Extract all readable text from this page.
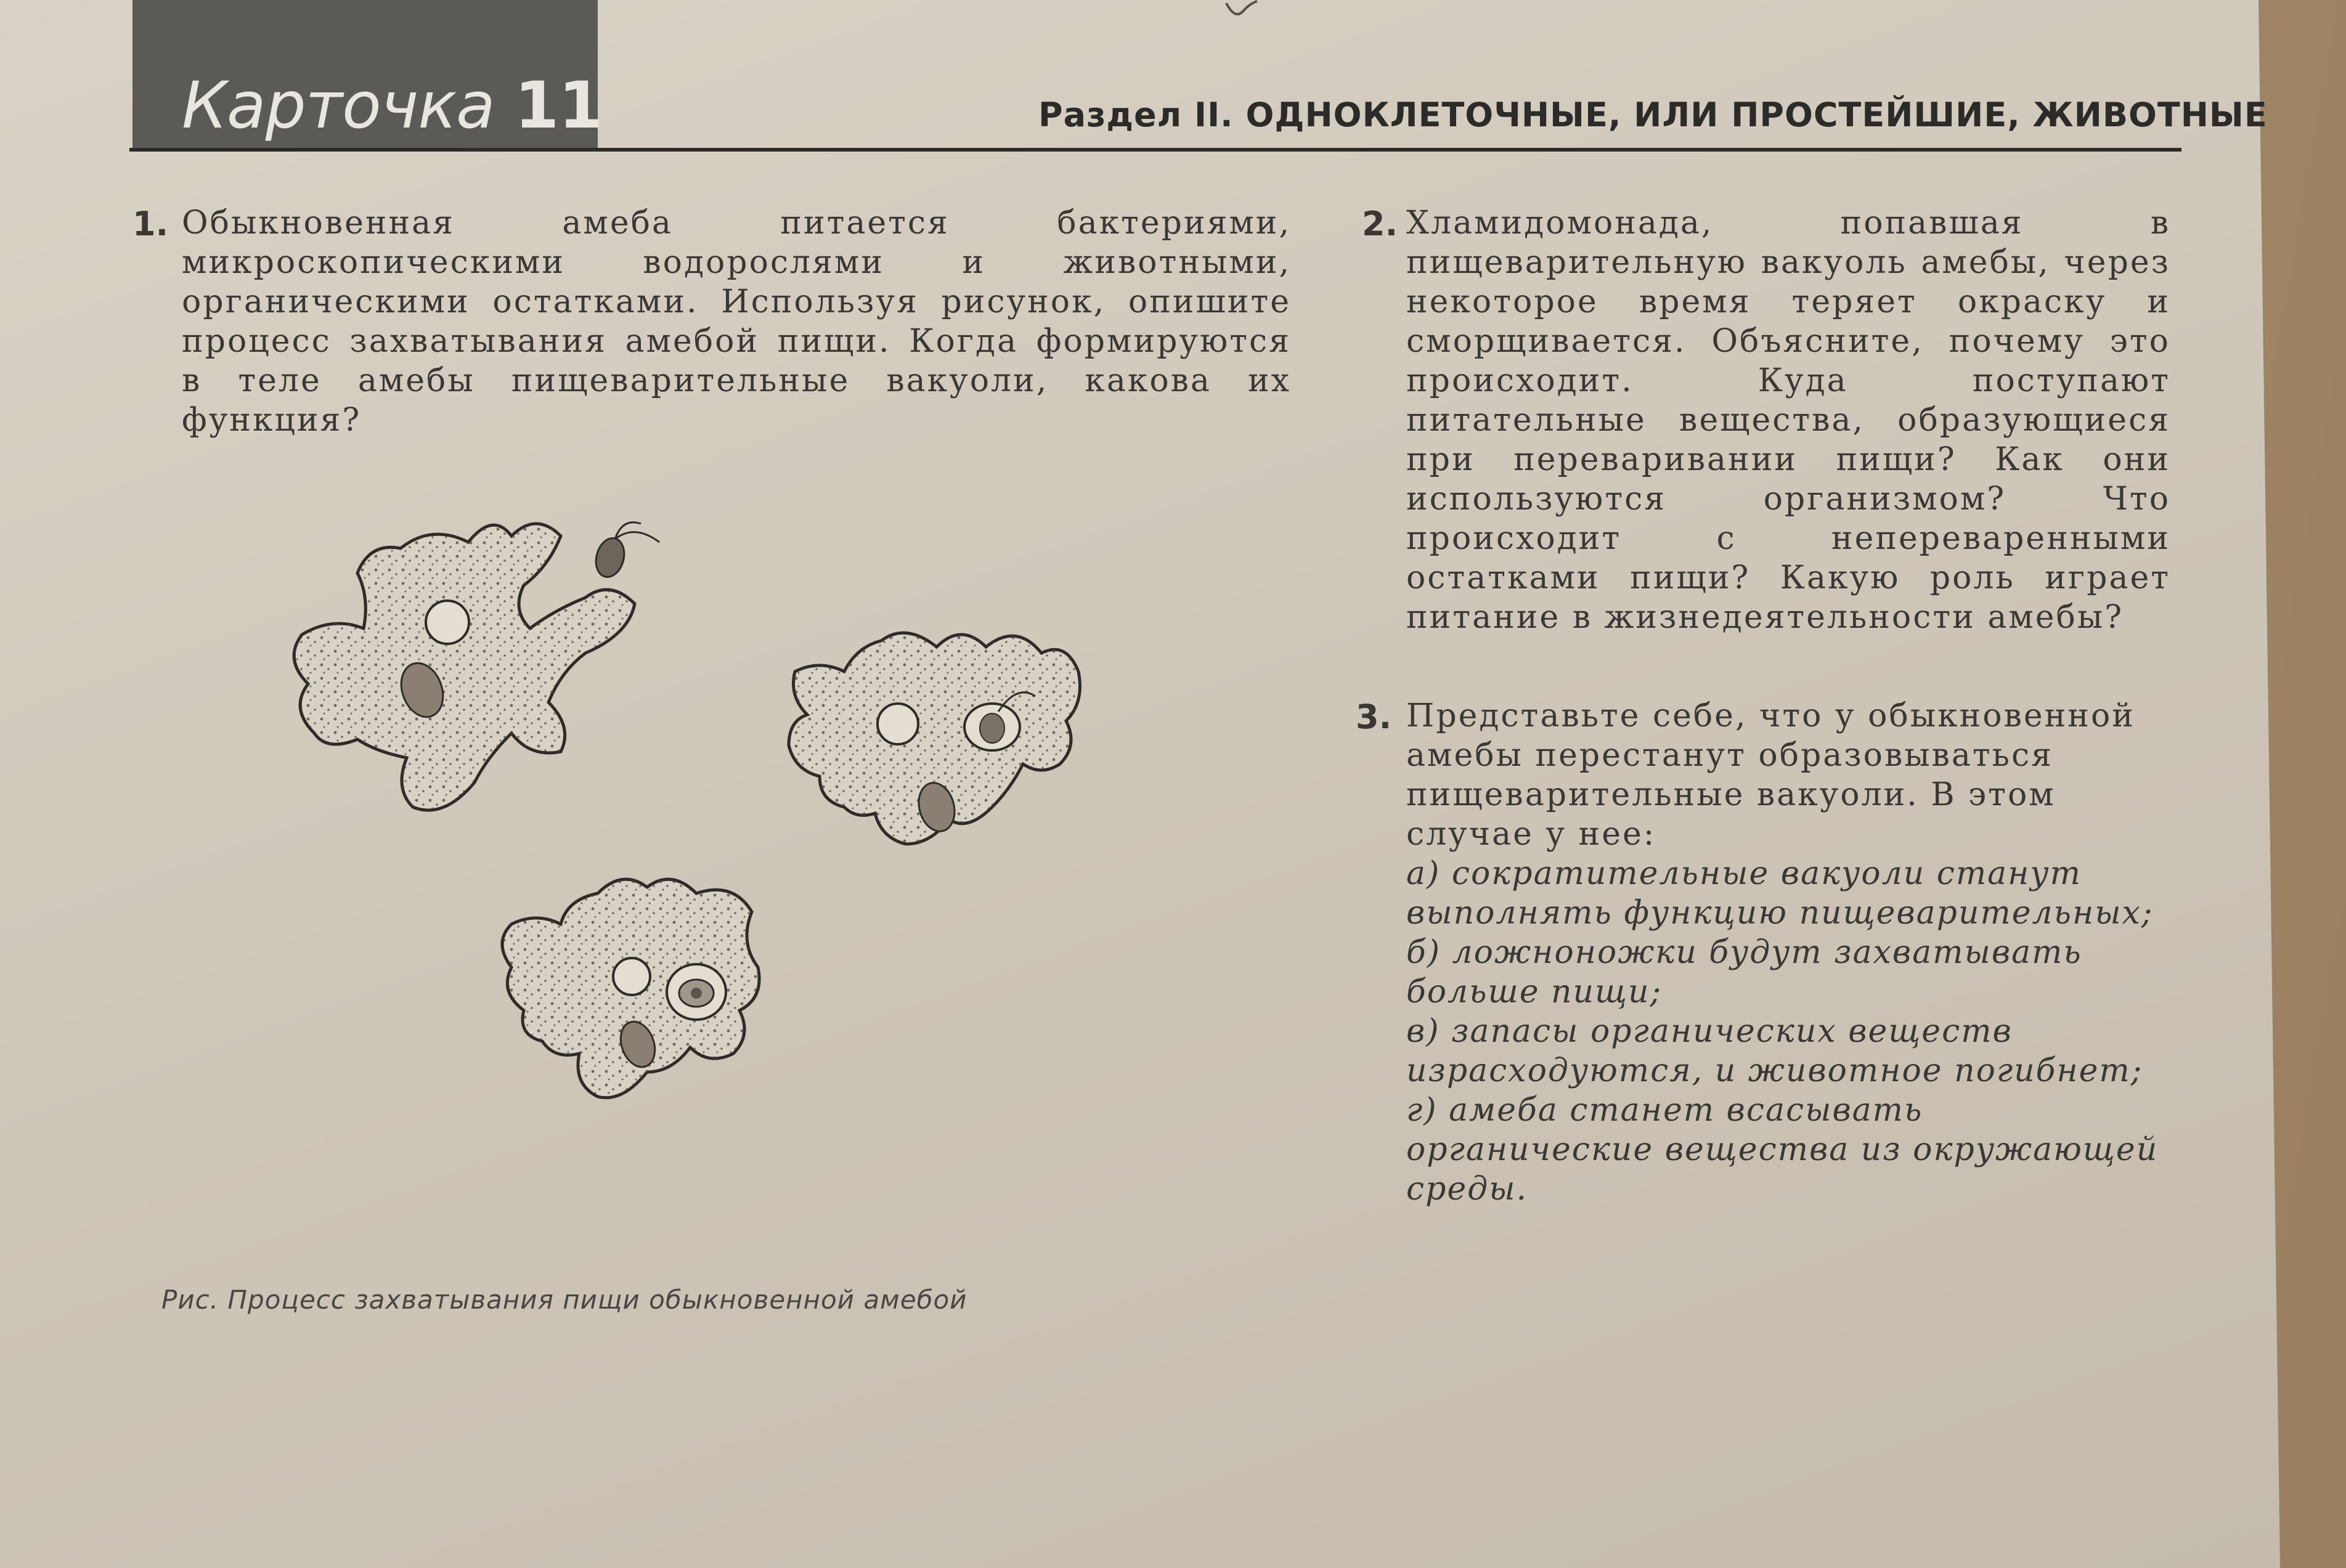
Карточка 11	Раздел II. ОДНОКЛЕТОЧНЫЕ, ИЛИ ПРОСТЕЙШИЕ, ЖИВОТНЫЕ
1. Обыкновенная амеба питается бактериями, микроскопическими водорослями и животными, органическими остатками. Используя рисунок, опишите процесс захватывания амебой пищи. Когда формируются в теле амебы пищеварительные вакуоли, какова их функция?
2. Хламидомонада, попавшая в пищеварительную вакуоль амебы, через некоторое время теряет окраску и сморщивается. Объясните, почему это происходит. Куда поступают питательные вещества, образующиеся при переваривании пищи? Как они используются организмом? Что происходит с непереваренными остатками пищи? Какую роль играет питание в жизнедеятельности амебы?
3. Представьте себе, что у обыкновенной амебы перестанут образовываться пищеварительные вакуоли. В этом случае у нее:
а) сократительные вакуоли станут выполнять функцию пищеварительных;
б) ложноножки будут захватывать больше пищи;
в) запасы органических веществ израсходуются, и животное погибнет;
г) амеба станет всасывать органические вещества из окружающей среды.
Рис. Процесс захватывания пищи обыкновенной амебой
